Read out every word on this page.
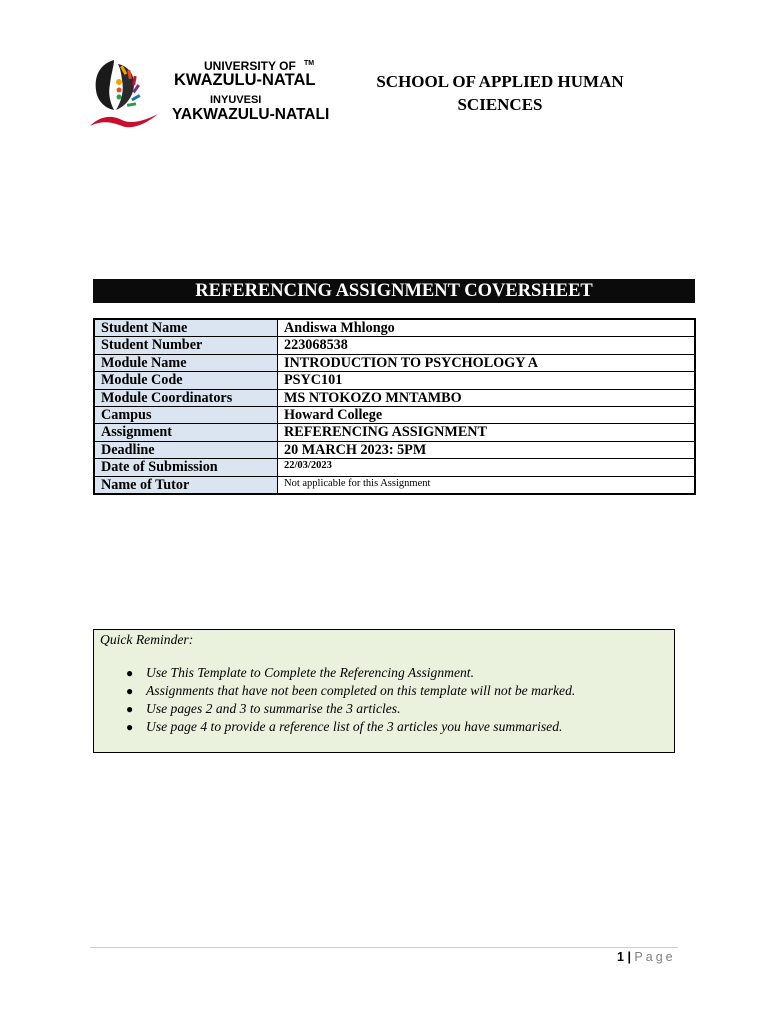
UNIVERSITY OF TM
KWAZULU-NATAL
INYUVESI
YAKWAZULU-NATALI
SCHOOL OF APPLIED HUMAN
SCIENCES
REFERENCING ASSIGNMENT COVERSHEET
Student Name	Andiswa Mhlongo
Student Number	223068538
Module Name	INTRODUCTION TO PSYCHOLOGY A
Module Code	PSYC101
Module Coordinators	MS NTOKOZO MNTAMBO
Campus	Howard College
Assignment	REFERENCING ASSIGNMENT
Deadline	20 MARCH 2023: 5PM
Date of Submission	22/03/2023
Name of Tutor	Not applicable for this Assignment
Quick Reminder:
● Use This Template to Complete the Referencing Assignment.
● Assignments that have not been completed on this template will not be marked.
● Use pages 2 and 3 to summarise the 3 articles.
● Use page 4 to provide a reference list of the 3 articles you have summarised.
1 | Page
